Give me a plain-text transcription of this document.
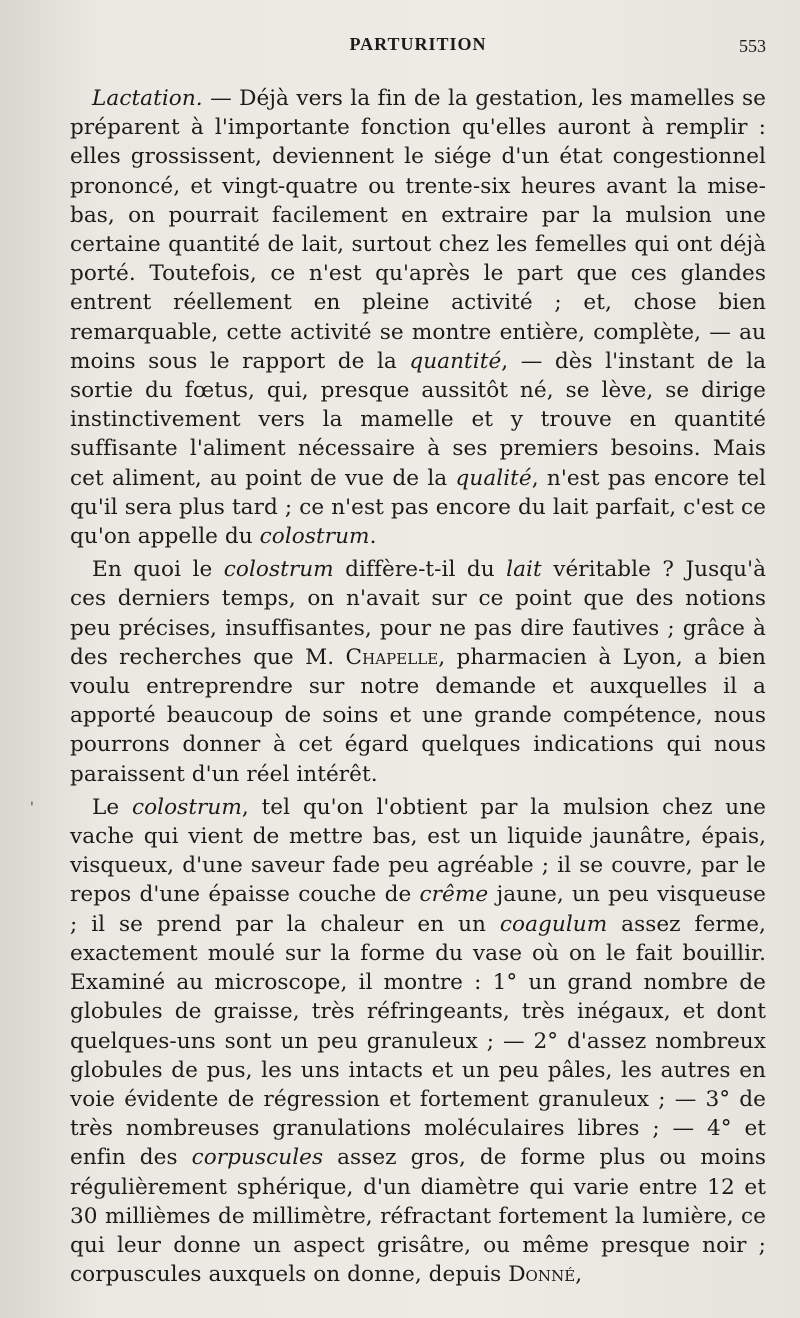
PARTURITION	553
'

Lactation. — Déjà vers la fin de la gestation, les mamelles se préparent à l'importante fonction qu'elles auront à remplir : elles grossissent, deviennent le siége d'un état congestionnel prononcé, et vingt-quatre ou trente-six heures avant la mise-bas, on pourrait facilement en extraire par la mulsion une certaine quantité de lait, surtout chez les femelles qui ont déjà porté. Toutefois, ce n'est qu'après le part que ces glandes entrent réellement en pleine activité ; et, chose bien remarquable, cette activité se montre entière, complète, — au moins sous le rapport de la quantité, — dès l'instant de la sortie du fœtus, qui, presque aussitôt né, se lève, se dirige instinctivement vers la mamelle et y trouve en quantité suffisante l'aliment nécessaire à ses premiers besoins. Mais cet aliment, au point de vue de la qualité, n'est pas encore tel qu'il sera plus tard ; ce n'est pas encore du lait parfait, c'est ce qu'on appelle du colostrum.

En quoi le colostrum diffère-t-il du lait véritable ? Jusqu'à ces derniers temps, on n'avait sur ce point que des notions peu précises, insuffisantes, pour ne pas dire fautives ; grâce à des recherches que M. Chapelle, pharmacien à Lyon, a bien voulu entreprendre sur notre demande et auxquelles il a apporté beaucoup de soins et une grande compétence, nous pourrons donner à cet égard quelques indications qui nous paraissent d'un réel intérêt.

Le colostrum, tel qu'on l'obtient par la mulsion chez une vache qui vient de mettre bas, est un liquide jaunâtre, épais, visqueux, d'une saveur fade peu agréable ; il se couvre, par le repos d'une épaisse couche de crême jaune, un peu visqueuse ; il se prend par la chaleur en un coagulum assez ferme, exactement moulé sur la forme du vase où on le fait bouillir. Examiné au microscope, il montre : 1° un grand nombre de globules de graisse, très réfringeants, très inégaux, et dont quelques-uns sont un peu granuleux ; — 2° d'assez nombreux globules de pus, les uns intacts et un peu pâles, les autres en voie évidente de régression et fortement granuleux ; — 3° de très nombreuses granulations moléculaires libres ; — 4° et enfin des corpuscules assez gros, de forme plus ou moins régulièrement sphérique, d'un diamètre qui varie entre 12 et 30 millièmes de millimètre, réfractant fortement la lumière, ce qui leur donne un aspect grisâtre, ou même presque noir ; corpuscules auxquels on donne, depuis Donné,
